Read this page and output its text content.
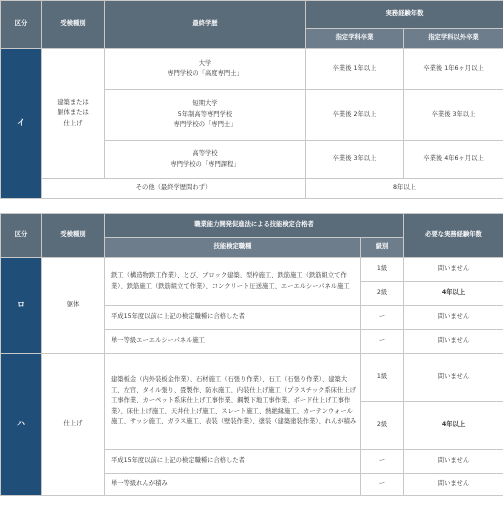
区分	受検種別	最終学歴	実務経験年数	
			指定学科卒業	指定学科以外卒業
イ	建築または
躯体または
仕上げ	大学
専門学校の「高度専門士」	卒業後 1年以上	卒業後 1年6ヶ月以上
		短期大学
5年制高等専門学校
専門学校の「専門士」	卒業後 2年以上	卒業後 3年以上
		高等学校
専門学校の「専門課程」	卒業後 3年以上	卒業後 4年6ヶ月以上
	その他（最終学歴問わず）		8年以上	
区分	受検種別	職業能力開発促進法による技能検定合格者		必要な実務経験年数
		技能検定職種	級別	
ロ	躯体	鉄工（構造物鉄工作業）、とび、ブロック建築、型枠施工、鉄筋施工（鉄筋組立て作業）、鉄筋施工（鉄筋組立て作業）、コンクリート圧送施工、エーエルシーパネル施工	1級	問いません
			2級	4年以上
		平成15年度以前に上記の検定職種に合格した者	ー	問いません
		単一等級エーエルシーパネル施工	ー	問いません
ハ	仕上げ	建築板金（内外装板金作業）、石材施工（石張り作業）、石工（石張り作業）、建築大工、左官、タイル張り、畳製作、防水施工、内装仕上げ施工（プラスチック系床仕上げ工事作業、カーペット系床仕上げ工事作業、鋼製下地工事作業、ボード仕上げ工事作業）、床仕上げ施工、天井仕上げ施工、スレート施工、熱絶縁施工、カーテンウォール施工、サッシ施工、ガラス施工、表装（壁装作業）、塗装（建築塗装作業）、れんが積み	1級	問いません
			2級	4年以上
		平成15年度以前に上記の検定職種に合格した者	ー	問いません
		単一等級れんが積み	ー	問いません
